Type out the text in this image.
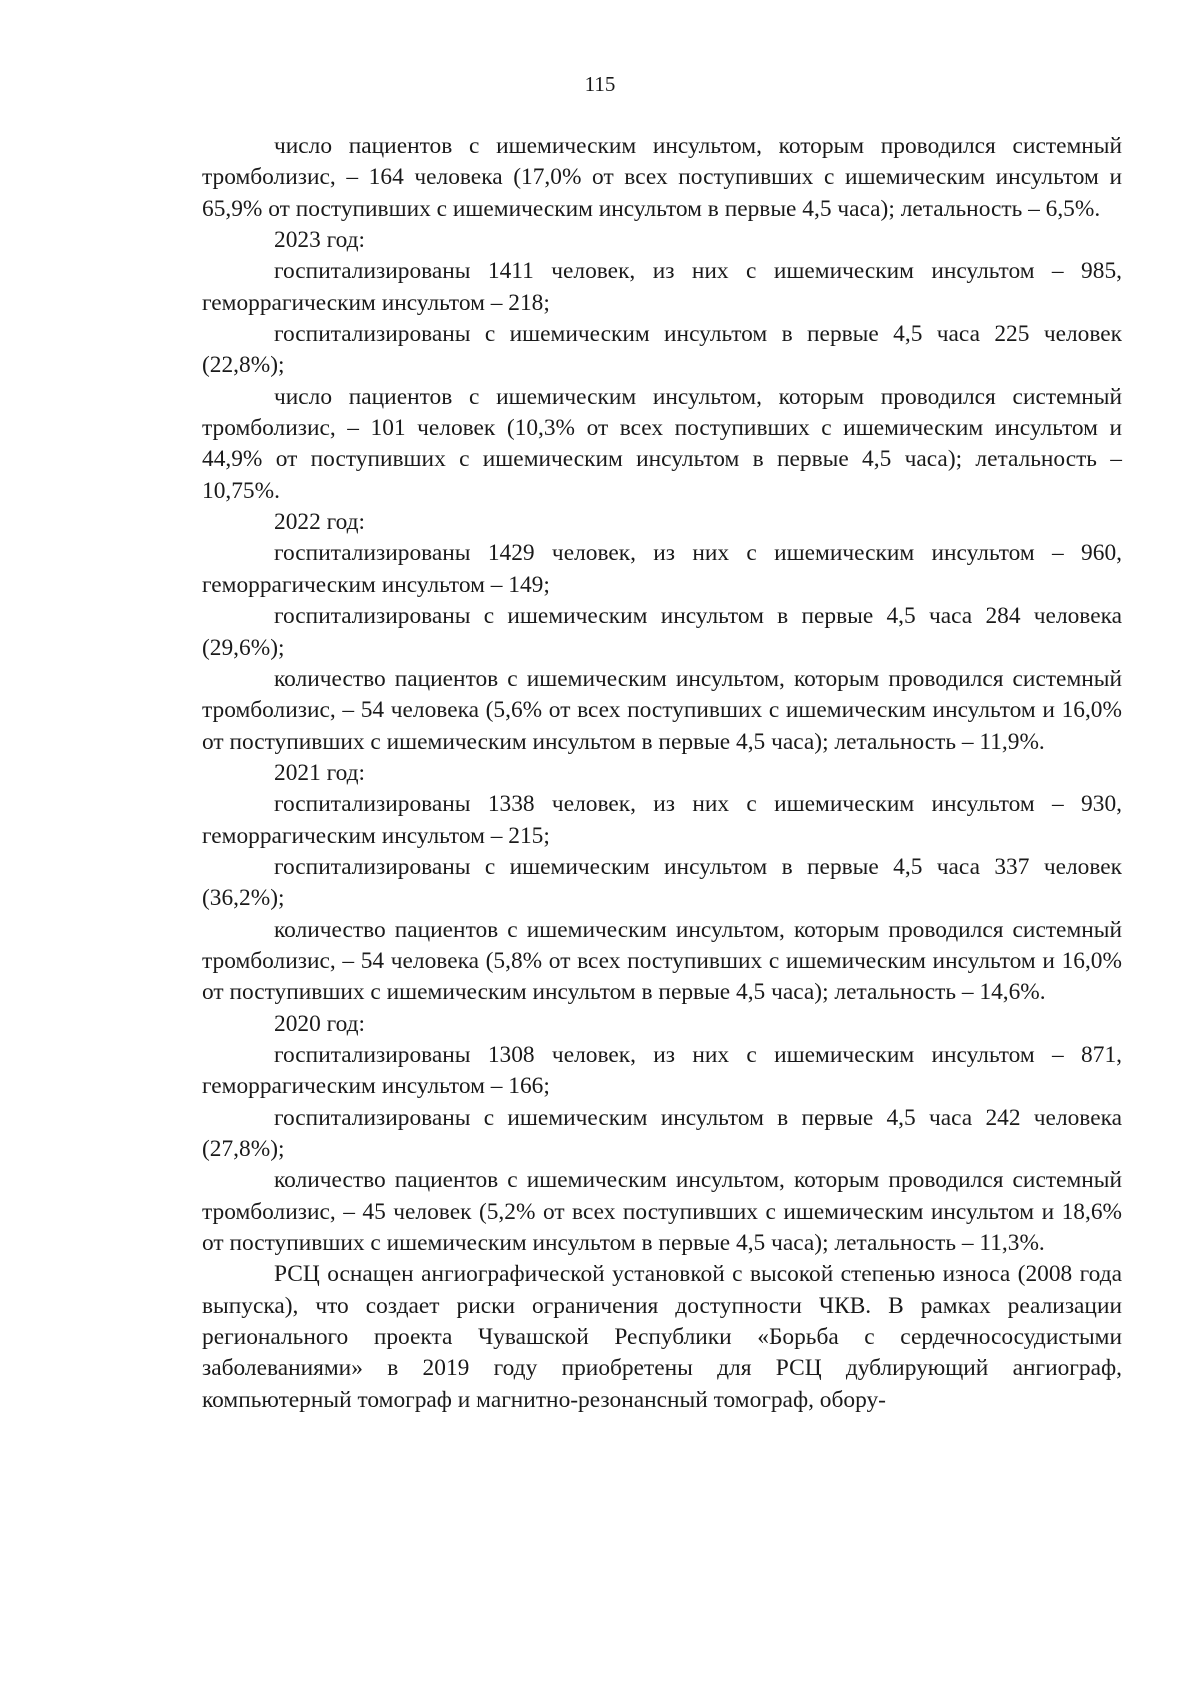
115

число пациентов с ишемическим инсультом, которым проводился системный тромболизис, – 164 человека (17,0% от всех поступивших с ишемическим инсультом и 65,9% от поступивших с ишемическим инсультом в первые 4,5 часа); летальность – 6,5%.

2023 год:

госпитализированы 1411 человек, из них с ишемическим инсультом – 985, геморрагическим инсультом – 218;

госпитализированы с ишемическим инсультом в первые 4,5 часа 225 человек (22,8%);

число пациентов с ишемическим инсультом, которым проводился системный тромболизис, – 101 человек (10,3% от всех поступивших с ишемическим инсультом и 44,9% от поступивших с ишемическим инсультом в первые 4,5 часа); летальность – 10,75%.

2022 год:

госпитализированы 1429 человек, из них с ишемическим инсультом – 960, геморрагическим инсультом – 149;

госпитализированы с ишемическим инсультом в первые 4,5 часа 284 человека (29,6%);

количество пациентов с ишемическим инсультом, которым проводился системный тромболизис, – 54 человека (5,6% от всех поступивших с ишемическим инсультом и 16,0% от поступивших с ишемическим инсультом в первые 4,5 часа); летальность – 11,9%.

2021 год:

госпитализированы 1338 человек, из них с ишемическим инсультом – 930, геморрагическим инсультом – 215;

госпитализированы с ишемическим инсультом в первые 4,5 часа 337 человек (36,2%);

количество пациентов с ишемическим инсультом, которым проводился системный тромболизис, – 54 человека (5,8% от всех поступивших с ишемическим инсультом и 16,0% от поступивших с ишемическим инсультом в первые 4,5 часа); летальность – 14,6%.

2020 год:

госпитализированы 1308 человек, из них с ишемическим инсультом – 871, геморрагическим инсультом – 166;

госпитализированы с ишемическим инсультом в первые 4,5 часа 242 человека (27,8%);

количество пациентов с ишемическим инсультом, которым проводился системный тромболизис, – 45 человек (5,2% от всех поступивших с ишемическим инсультом и 18,6% от поступивших с ишемическим инсультом в первые 4,5 часа); летальность – 11,3%.

РСЦ оснащен ангиографической установкой с высокой степенью износа (2008 года выпуска), что создает риски ограничения доступности ЧКВ. В рамках реализации регионального проекта Чувашской Республики «Борьба с сердечнососудистыми заболеваниями» в 2019 году приобретены для РСЦ дублирующий ангиограф, компьютерный томограф и магнитно-резонансный томограф, обору-
